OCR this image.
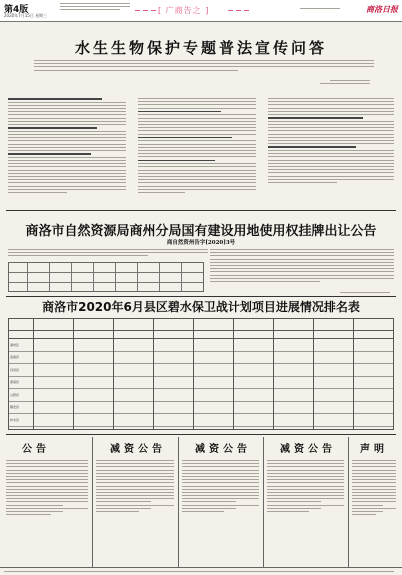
第4版
2020年7月15日 星期三
[ 广商告之 ]	商洛日报
水生生物保护专题普法宣传问答
商洛市自然资源局商州分局国有建设用地使用权挂牌出让公告
商自然资州告字[2020]3号
商洛市2020年6月县区碧水保卫战计划项目进展情况排名表
商州区
洛南县
丹凤县
商南县
山阳县
镇安县
柞水县
公告	减资公告	减资公告	减资公告 声明
